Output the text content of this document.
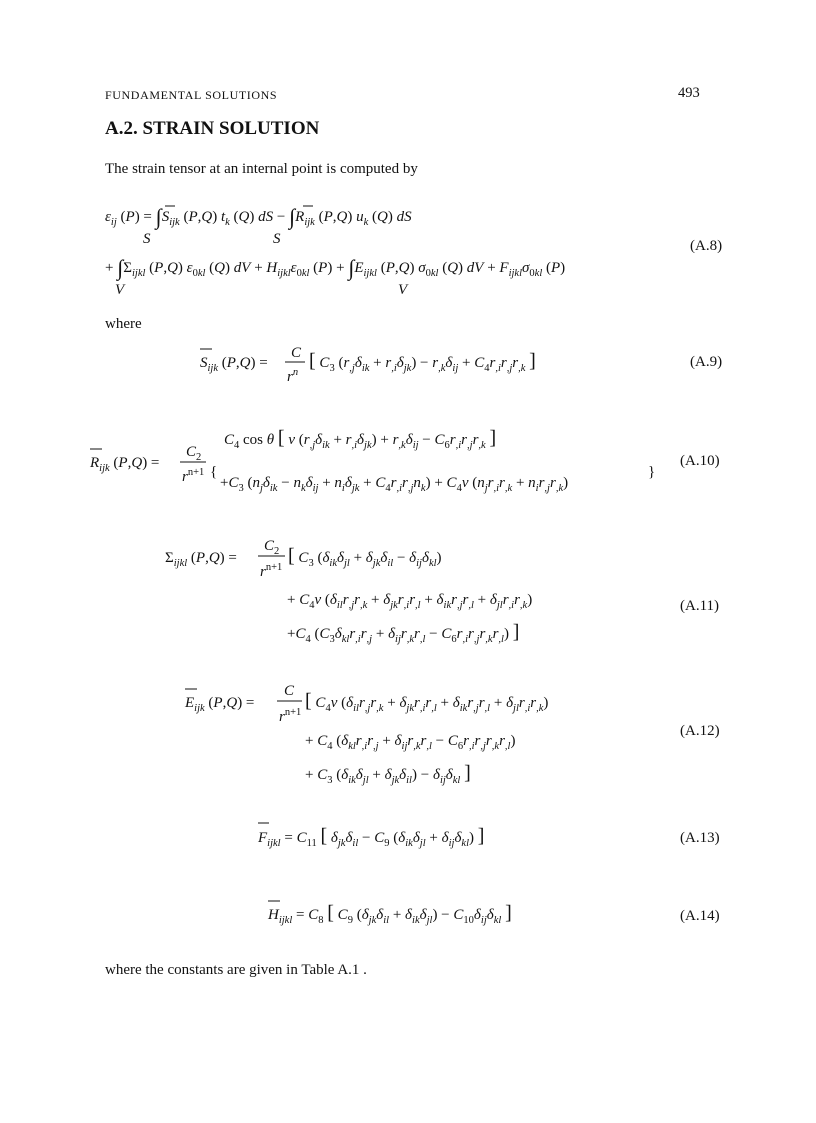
FUNDAMENTAL SOLUTIONS	493
A.2. STRAIN SOLUTION
The strain tensor at an internal point is computed by
where
where the constants are given in Table A.1 .
(A.8)
(A.9)
(A.10)
(A.11)
(A.12)
(A.13)
(A.14)
$\varepsilon_{ij}$ $(P) = \int S_{ijk}$ (P,Q) $t_k$ (Q) dS − $\int R_{ijk}$ (P,Q) $u_k$ (Q) dS
S	S
+ $\int\Sigma_{ijkl}$ (P,Q) $\varepsilon_0kl$ (Q) dV + $H_{ijkl}\varepsilon_0kl$ $(P) + \int E_{ijkl}$ (P,Q) $\sigma_0kl$ (Q) dV + $F_{ijkl}\sigma_0kl$ (P)
V	V
$S_{ijk}$ (P,Q) =
C
$r^n$
[ $C_3$ $(r_{,j}\delta_{ik} + r_{,i}\delta_{jk}) - r_{,k}\delta_{ij} + C_4r_{,i}r_{,j}r_{,k}$ ]
$R_{ijk}$ (P,Q) =
$C_2$
$r^{n+1}$ {
$C_4$ cos θ [ ν $(r_{,j}\delta_{ik} + r_{,i}\delta_{jk}) + r_{,k}\delta_{ij} - C_6r_{,i}r_{,j}r_{,k}$ ]
$+C_3$ $(n_j\delta_{ik} - n_k\delta_{ij} + n_i\delta_{jk} + C_4r_{,i}r_{,j}n_k) + C_4\nu$ $(n_jr_{,i}r_{,k} + n_ir_{,j}r_{,k})$
}
$\Sigma_{ijkl}$ (P,Q) =
$C_2$
$r^{n+1}$
[ $C_3$ $(\delta_{ik}\delta_{jl} + \delta_{jk}\delta_{il} - \delta_{ij}\delta_{kl})$
+ $C_4\nu$ $(\delta_{il}r_{,j}r_{,k} + \delta_{jk}r_{,i}r_{,l} + \delta_{ik}r_{,j}r_{,l} + \delta_{jl}r_{,i}r_{,k})$
$+C_4$ $(C_3\delta_{kl}r_{,i}r_{,j} + \delta_{ij}r_{,k}r_{,l} - C_6r_{,i}r_{,j}r_{,k}r_{,l})$ ]
$E_{ijk}$ (P,Q) =
C
$r^{n+1}$
[ $C_4\nu$ $(\delta_{il}r_{,j}r_{,k} + \delta_{jk}r_{,i}r_{,l} + \delta_{ik}r_{,j}r_{,l} + \delta_{jl}r_{,i}r_{,k})$
+ $C_4$ $(\delta_{kl}r_{,i}r_{,j} + \delta_{ij}r_{,k}r_{,l} - C_6r_{,i}r_{,j}r_{,k}r_{,l})$
+ $C_3$ $(\delta_{ik}\delta_{jl} + \delta_{jk}\delta_{il}) - \delta_{ij}\delta_{kl}$ ]
$F_{ijkl} = C_{11}$ [ $\delta_{jk}\delta_{il} - C_9$ $(\delta_{ik}\delta_{jl} + \delta_{ij}\delta_{kl})$ ]
$H_{ijkl} = C_8$ [ $C_9$ $(\delta_{jk}\delta_{il} + \delta_{ik}\delta_{jl}) - C_{10}\delta_{ij}\delta_{kl}$ ]
